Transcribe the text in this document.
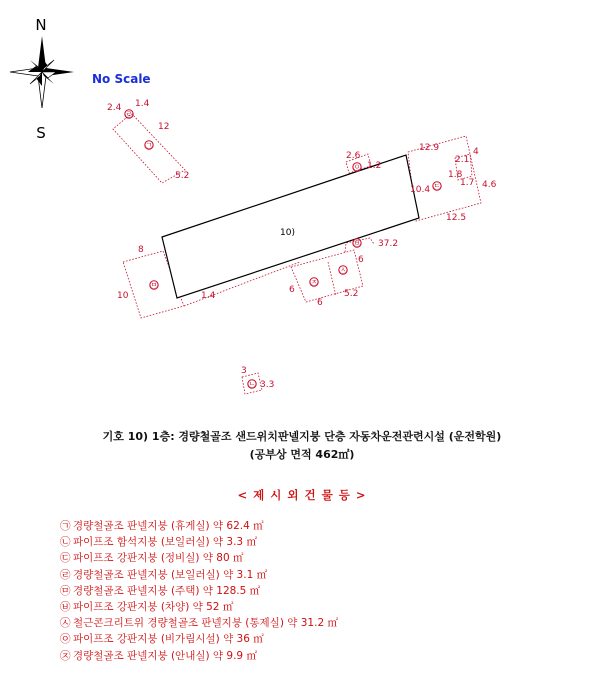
N
S
No Scale
10)
㉠
㉧
㉢
㉥
㉤
㉡
㉦
㉣
㉨
2.4 1.4
12
5.2
2.6
1.2
12.9	4
2.1
1.8
1.7 4.6
10.4
12.5
37.2
6
6
6
5.2
8
10	1.4
3
3.3
기호 10) 1층: 경량철골조 샌드위치판넬지붕 단층 자동차운전관련시설 (운전학원)
(공부상 면적 462㎡)
< 제 시 외 건 물 등 >
㉠ 경량철골조 판넬지붕 (휴게실) 약 62.4 ㎡
㉡ 파이프조 함석지붕 (보일러실) 약 3.3 ㎡
㉢ 파이프조 강판지붕 (정비실) 약 80 ㎡
㉣ 경량철골조 판넬지붕 (보일러실) 약 3.1 ㎡
㉤ 경량철골조 판넬지붕 (주택) 약 128.5 ㎡
㉥ 파이프조 강판지붕 (차양) 약 52 ㎡
㉦ 철근콘크리트위 경량철골조 판넬지붕 (통제실) 약 31.2 ㎡
㉧ 파이프조 강판지붕 (비가림시설) 약 36 ㎡
㉨ 경량철골조 판넬지붕 (안내실) 약 9.9 ㎡
